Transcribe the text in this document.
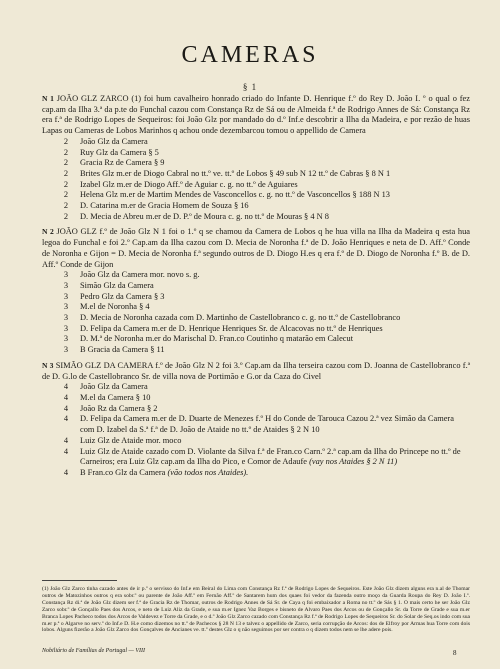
CAMERAS
§ 1

N 1 JOÃO GLZ ZARCO (1) foi hum cavalheiro honrado criado do Infante D. Henrique f.º do Rey D. João I. º o qual o fez cap.am da Ilha 3.ª da p.te do Funchal cazou com Constança Rz de Sá ou de Almeida f.ª de Rodrigo Annes de Sá: Constança Rz era f.ª de Rodrigo Lopes de Sequeiros: foi João Glz por mandado do d.º Inf.e descobrir a Ilha da Madeira, e por rezão de huas Lapas ou Cameras de Lobos Marinhos q achou onde dezembarcou tomou o appellido de Camera

2	João Glz da Camera
2	Ruy Glz da Camera § 5
2	Gracia Rz de Camera § 9
2	Brites Glz m.er de Diogo Cabral no tt.º ve. tt.º de Lobos § 49 sub N 12 tt.º de Cabras § 8 N 1
2	Izabel Glz m.er de Diogo Aff.º de Aguiar c. g. no tt.º de Aguiares
2	Helena Glz m.er de Martim Mendes de Vasconcellos c. g. no tt.º de Vasconcellos § 188 N 13
2	D. Catarina m.er de Gracia Homem de Souza § 16
2	D. Mecia de Abreu m.er de D. P.º de Moura c. g. no tt.º de Mouras § 4 N 8

N 2 JOÃO GLZ f.º de João Glz N 1 foi o 1.º q se chamou da Camera de Lobos q he hua villa na Ilha da Madeira q esta hua legoa do Funchal e foi 2.º Cap.am da Ilha cazou com D. Mecia de Noronha f.ª de D. João Henriques e neta de D. Aff.º Conde de Noronha e Gijon = D. Mecia de Noronha f.ª segundo outros de D. Diogo H.es q era f.º de D. Diogo de Noronha f.º B. de D. Aff.º Conde de Gijon

3	João Glz da Camera mor. novo s. g.
3	Simão Glz da Camera
3	Pedro Glz da Camera § 3
3	M.el de Noronha § 4
3	D. Mecia de Noronha cazada com D. Martinho de Castellobranco c. g. no tt.º de Castellobranco
3	D. Felipa da Camera m.er de D. Henrique Henriques Sr. de Alcacovas no tt.º de Henriques
3	D. M.ª de Noronha m.er do Marischal D. Fran.co Coutinho q matarão em Calecut
3	B Gracia da Camera § 11

N 3 SIMÃO GLZ DA CAMERA f.º de João Glz N 2 foi 3.º Cap.am da Ilha terseira cazou com D. Joanna de Castellobranco f.ª de D. G.lo de Castellobranco Sr. de villa nova de Portimão e G.or da Caza do Civel

4	João Glz da Camera
4	M.el da Camera § 10
4	João Rz da Camera § 2
4	D. Felipa da Camera m.er de D. Duarte de Menezes f.º H do Conde de Tarouca Cazou 2.ª vez Simão da Camera com D. Izabel da S.ª f.ª de D. João de Ataide no tt.º de Ataides § 2 N 10
4	Luiz Glz de Ataide mor. moco
4	Luiz Glz de Ataide cazado com D. Violante da Silva f.ª de Fran.co Carn.º 2.ª cap.am da Ilha do Princepe no tt.º de Carneiros; era Luiz Glz cap.am da Ilha do Pico, e Comor de Adaufe (vay nos Ataides § 2 N 11)
4	B Fran.co Glz da Camera (vão todos nos Ataides).

(1) João Glz Zarco tinha cazado antes de ir p.º o servisso do Inf.e em Beiral do Lima com Constança Rz f.ª de Rodrigo Lopes de Sequeiros. Este João Glz dizem alguns era n.al de Thomar outros de Matozinhos outros q era sobr.º ou parente de João Aff.º em Fernão Aff.º de Santarem hum dos quaes foi vedor da fazenda outro moço da Guarda Roupa do Rey D. João I.º. Constança Rz di.ª de João Glz dizem ser f.ª de Gracia Rz de Thomar, outros de Rodrigo Annes de Sá Sr. de Caya q foi embaixador a Roma no tt.º de Sás § 1. O mais certo he ser João Glz Zarco sobr.º de Gonçallo Paes dos Arcos, e neto de Luiz Aliz da Grade, e sua m.er Ignez Vaz Borges e bisneto de Alvaro Paes dos Arcos ou de Gonçallo Sr. da Torre de Grade e sua m.er Branca Lopes Pacheco todos dos Arcos de Valdevez e Torre da Grade, e o d.º João Glz Zarco cazado com Constança Rz f.ª de Rodrigo Lopes de Sequeiros Sr. do Solar de Seq.os indo com sua m.er p.ª o Algarve no serv.º do Inf.e D. H.e como dizemos no tt.º de Pachecos § 28 N 13 e talvez o appellido de Zarco, seria corrupção de Arcos: dos de Elfroy por Armas hua Torre com dois lobos. Alguns fizerão a João Glz Zarco dos Gonçalves de Ancianes ve. tt.º destes Glz o q não seguimos por ser contra o q dizem todos nem se lhe adere pois.

Nobiliário de Famílias de Portugal — VIII	8
